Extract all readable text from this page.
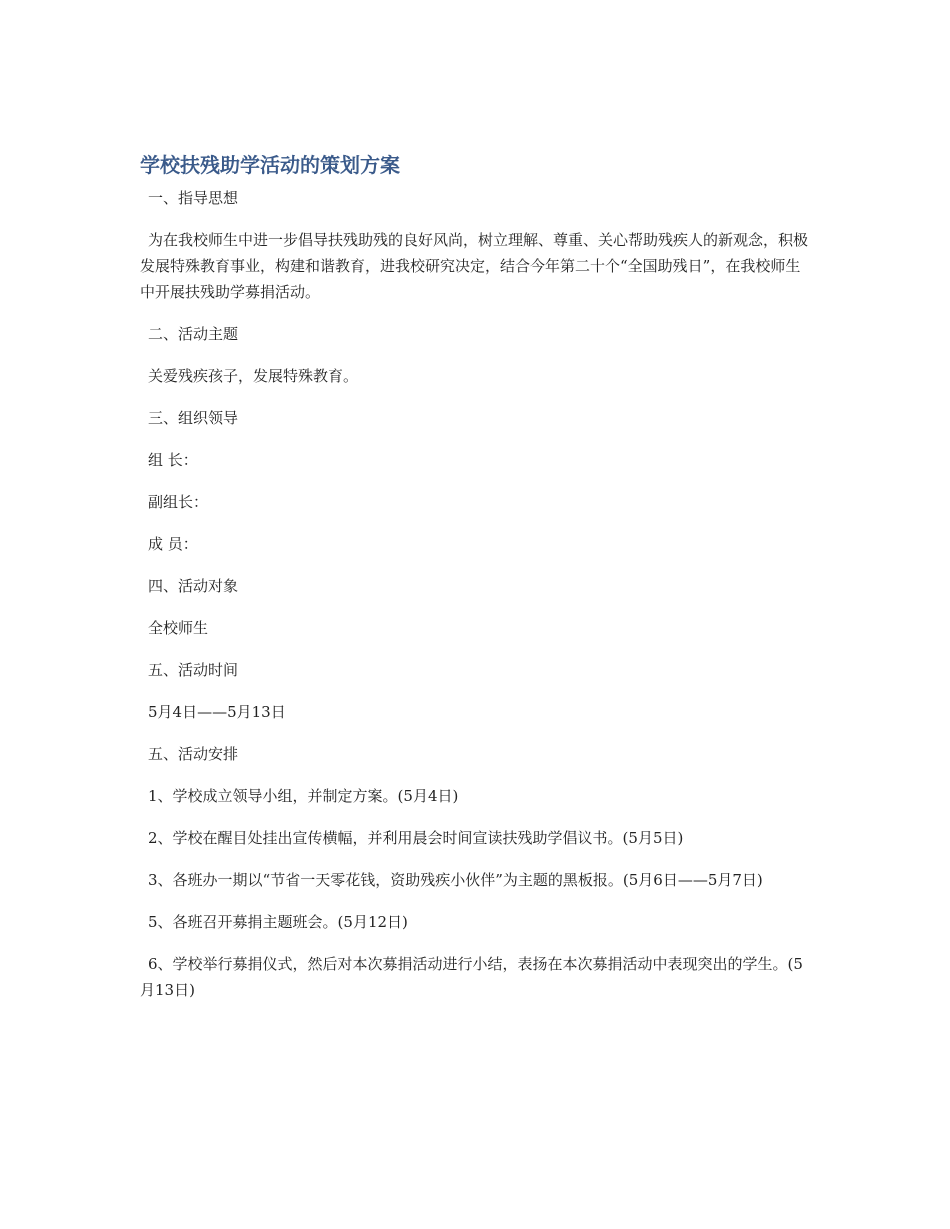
学校扶残助学活动的策划方案

一、指导思想

为在我校师生中进一步倡导扶残助残的良好风尚，树立理解、尊重、关心帮助残疾人的新观念，积极发展特殊教育事业，构建和谐教育，进我校研究决定，结合今年第二十个“全国助残日”，在我校师生中开展扶残助学募捐活动。

二、活动主题

关爱残疾孩子，发展特殊教育。

三、组织领导

组 长：

副组长：

成 员：

四、活动对象

全校师生

五、活动时间

5月4日——5月13日

五、活动安排

1、学校成立领导小组，并制定方案。(5月4日)

2、学校在醒目处挂出宣传横幅，并利用晨会时间宣读扶残助学倡议书。(5月5日)

3、各班办一期以“节省一天零花钱，资助残疾小伙伴”为主题的黑板报。(5月6日——5月7日)

5、各班召开募捐主题班会。(5月12日)

6、学校举行募捐仪式，然后对本次募捐活动进行小结，表扬在本次募捐活动中表现突出的学生。(5月13日)
